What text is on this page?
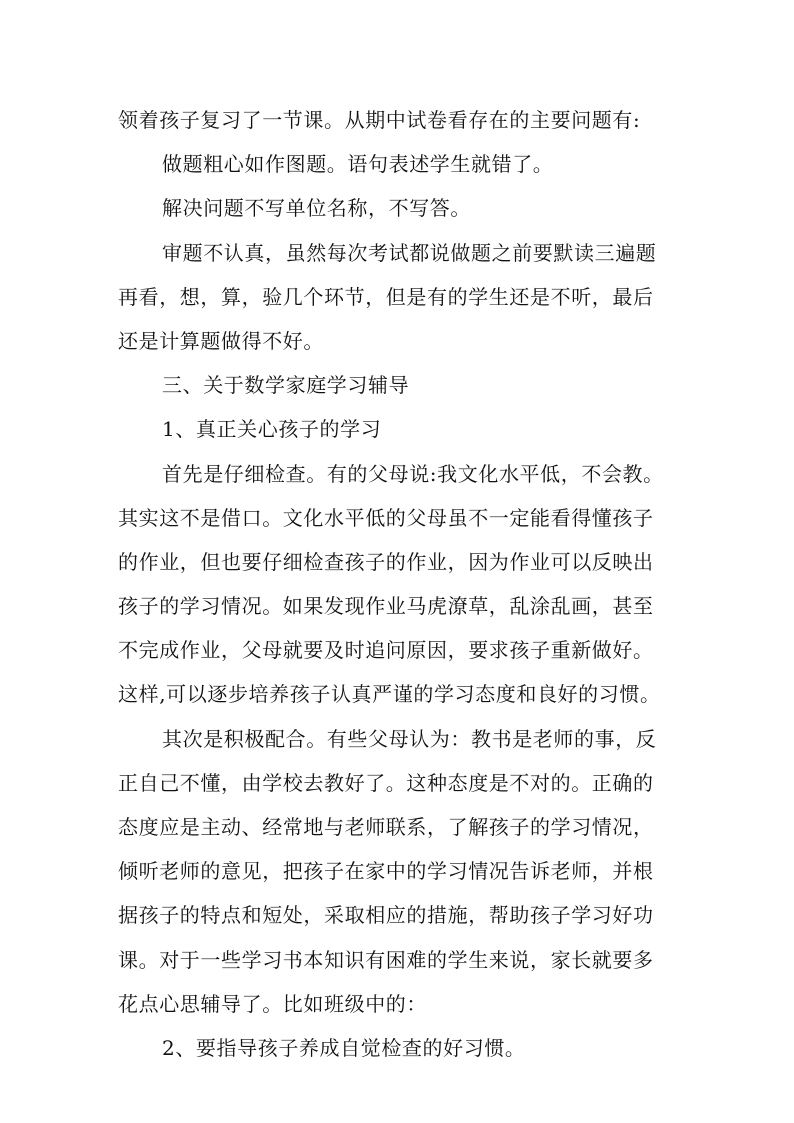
领着孩子复习了一节课。从期中试卷看存在的主要问题有:
做题粗心如作图题。语句表述学生就错了。
解决问题不写单位名称，不写答。
审题不认真，虽然每次考试都说做题之前要默读三遍题
再看，想，算，验几个环节，但是有的学生还是不听，最后
还是计算题做得不好。
三、关于数学家庭学习辅导
1、真正关心孩子的学习
首先是仔细检查。有的父母说:我文化水平低，不会教。
其实这不是借口。文化水平低的父母虽不一定能看得懂孩子
的作业，但也要仔细检查孩子的作业，因为作业可以反映出
孩子的学习情况。如果发现作业马虎潦草，乱涂乱画，甚至
不完成作业，父母就要及时追问原因，要求孩子重新做好。
这样,可以逐步培养孩子认真严谨的学习态度和良好的习惯。
其次是积极配合。有些父母认为：教书是老师的事，反
正自己不懂，由学校去教好了。这种态度是不对的。正确的
态度应是主动、经常地与老师联系，了解孩子的学习情况，
倾听老师的意见，把孩子在家中的学习情况告诉老师，并根
据孩子的特点和短处，采取相应的措施，帮助孩子学习好功
课。对于一些学习书本知识有困难的学生来说，家长就要多
花点心思辅导了。比如班级中的：
2、要指导孩子养成自觉检查的好习惯。
